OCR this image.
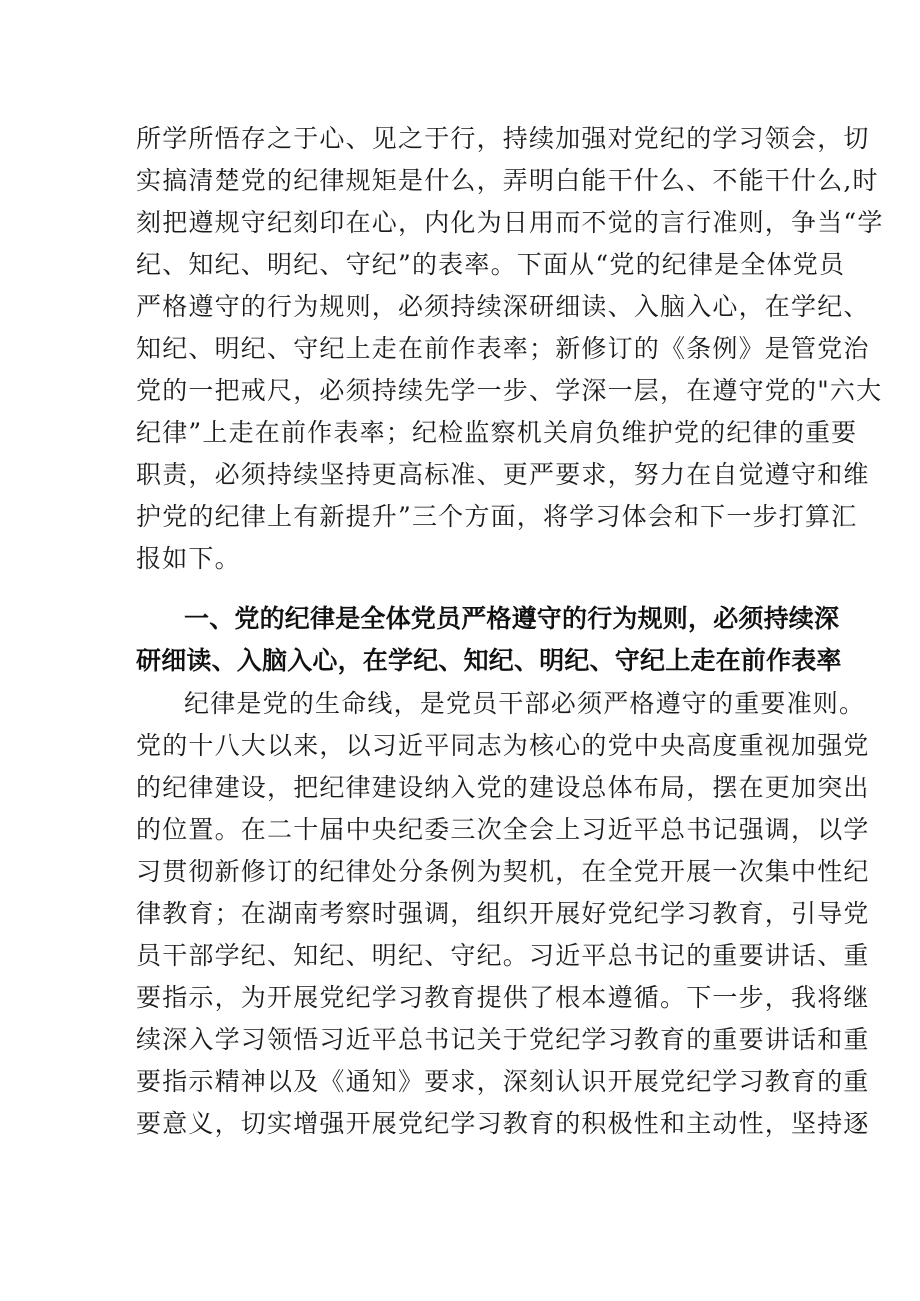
所学所悟存之于心、见之于行，持续加强对党纪的学习领会，切
实搞清楚党的纪律规矩是什么，弄明白能干什么、不能干什么,时
刻把遵规守纪刻印在心，内化为日用而不觉的言行准则，争当“学
纪、知纪、明纪、守纪”的表率。下面从“党的纪律是全体党员
严格遵守的行为规则，必须持续深研细读、入脑入心，在学纪、
知纪、明纪、守纪上走在前作表率；新修订的《条例》是管党治
党的一把戒尺，必须持续先学一步、学深一层，在遵守党的"六大
纪律”上走在前作表率；纪检监察机关肩负维护党的纪律的重要
职责，必须持续坚持更高标准、更严要求，努力在自觉遵守和维
护党的纪律上有新提升”三个方面，将学习体会和下一步打算汇
报如下。
一、党的纪律是全体党员严格遵守的行为规则，必须持续深
研细读、入脑入心，在学纪、知纪、明纪、守纪上走在前作表率
纪律是党的生命线，是党员干部必须严格遵守的重要准则。
党的十八大以来，以习近平同志为核心的党中央高度重视加强党
的纪律建设，把纪律建设纳入党的建设总体布局，摆在更加突出
的位置。在二十届中央纪委三次全会上习近平总书记强调，以学
习贯彻新修订的纪律处分条例为契机，在全党开展一次集中性纪
律教育；在湖南考察时强调，组织开展好党纪学习教育，引导党
员干部学纪、知纪、明纪、守纪。习近平总书记的重要讲话、重
要指示，为开展党纪学习教育提供了根本遵循。下一步，我将继
续深入学习领悟习近平总书记关于党纪学习教育的重要讲话和重
要指示精神以及《通知》要求，深刻认识开展党纪学习教育的重
要意义，切实增强开展党纪学习教育的积极性和主动性，坚持逐
